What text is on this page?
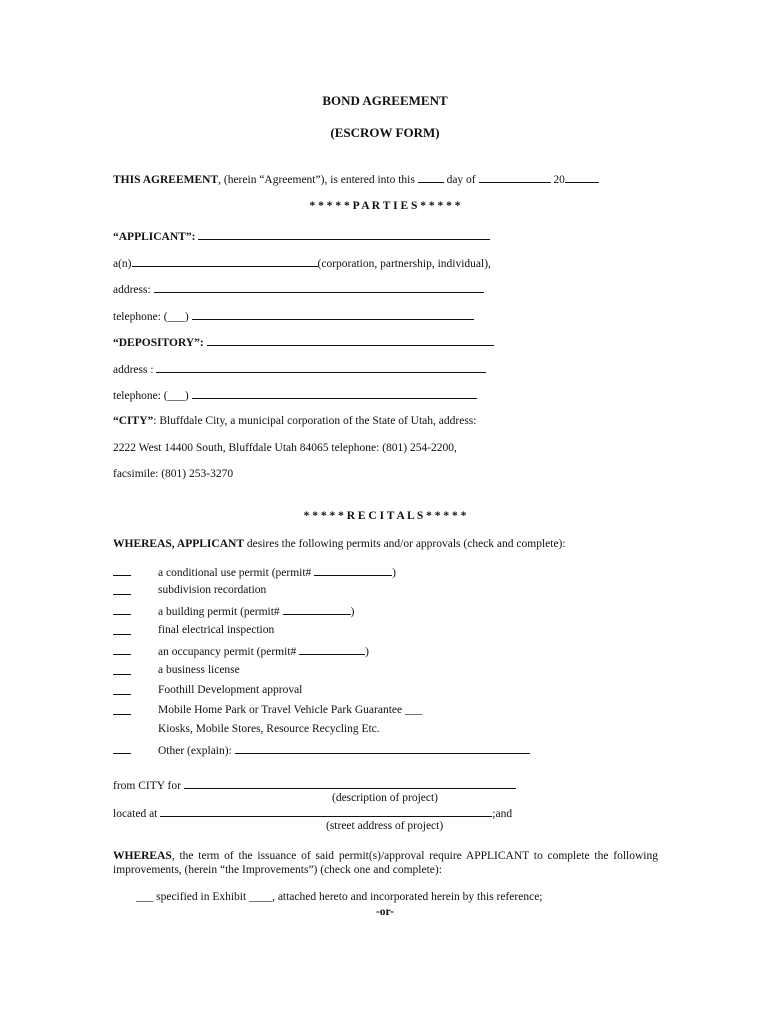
BOND AGREEMENT
(ESCROW FORM)
THIS AGREEMENT, (herein “Agreement”), is entered into this	day of	20
* * * * * P A R T I E S * * * * *
“APPLICANT”:
a(n)	(corporation, partnership, individual),
address:
telephone: (___)
“DEPOSITORY”:
address :
telephone: (___)
“CITY”: Bluffdale City, a municipal corporation of the State of Utah, address:
2222 West 14400 South, Bluffdale Utah 84065 telephone: (801) 254-2200,
facsimile: (801) 253-3270
* * * * * R E C I T A L S * * * * *
WHEREAS, APPLICANT desires the following permits and/or approvals (check and complete):
a conditional use permit (permit#	)
subdivision recordation
a building permit (permit#	)
final electrical inspection
an occupancy permit (permit#	)
a business license
Foothill Development approval
Mobile Home Park or Travel Vehicle Park Guarantee ___
Kiosks, Mobile Stores, Resource Recycling Etc.
Other (explain):
from CITY for
(description of project)
located at	;and
(street address of project)
WHEREAS, the term of the issuance of said permit(s)/approval require APPLICANT to complete the following improvements, (herein “the Improvements”) (check one and complete):
___ specified in Exhibit ____, attached hereto and incorporated herein by this reference;
-or-
